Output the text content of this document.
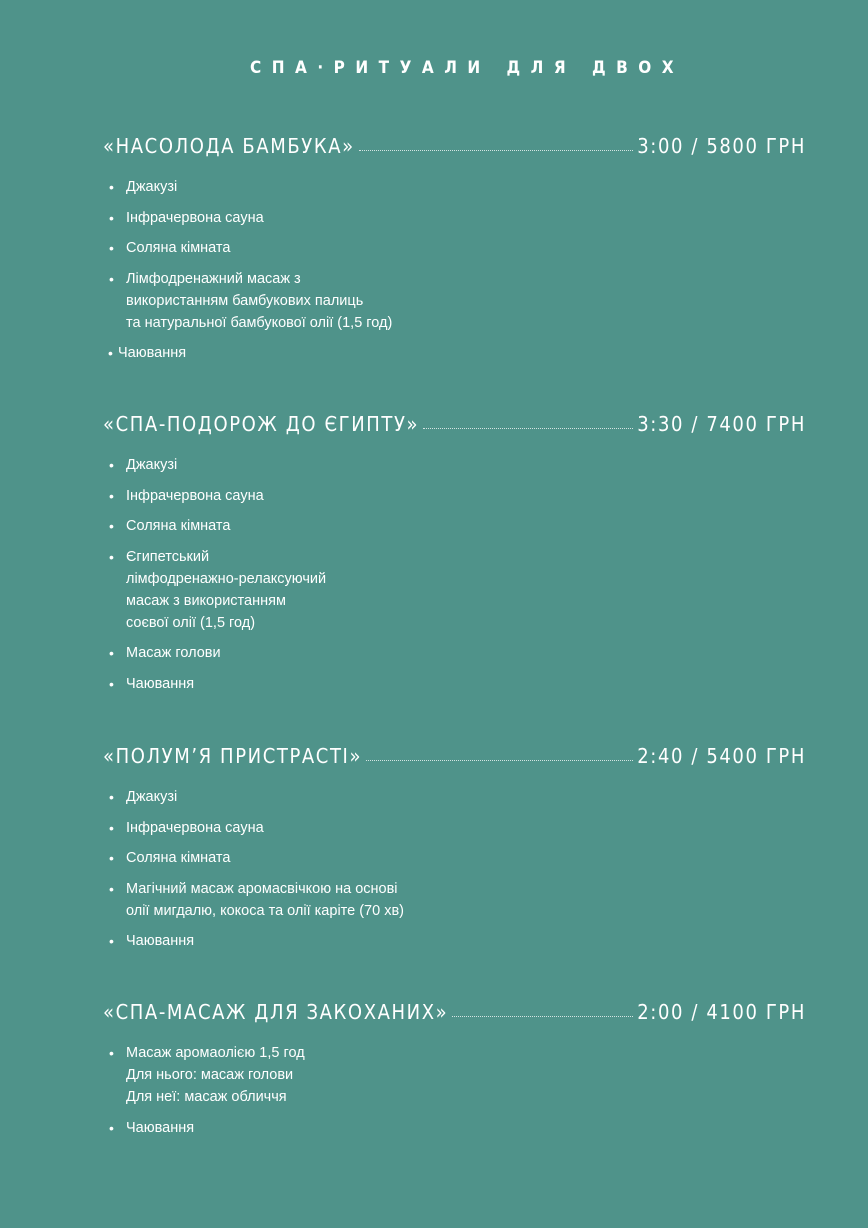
СПА·РИТУАЛИ ДЛЯ ДВОХ
«НАСОЛОДА БАМБУКА»	3:00 / 5800 ГРН
• Джакузі
• Інфрачервона сауна
• Соляна кімната
• Лімфодренажний масаж з
використанням бамбукових палиць
та натуральної бамбукової олії (1,5 год)
• Чаювання
«СПА-ПОДОРОЖ ДО ЄГИПТУ»	3:30 / 7400 ГРН
• Джакузі
• Інфрачервона сауна
• Соляна кімната
• Єгипетський
лімфодренажно-релаксуючий
масаж з використанням
соєвої олії (1,5 год)
• Масаж голови
• Чаювання
«ПОЛУМ’Я ПРИСТРАСТІ»	2:40 / 5400 ГРН
• Джакузі
• Інфрачервона сауна
• Соляна кімната
• Магічний масаж аромасвічкою на основі
олії мигдалю, кокоса та олії каріте (70 хв)
• Чаювання
«СПА-МАСАЖ ДЛЯ ЗАКОХАНИХ»	2:00 / 4100 ГРН
• Масаж аромаолією 1,5 год
Для нього: масаж голови
Для неї: масаж обличчя
• Чаювання
